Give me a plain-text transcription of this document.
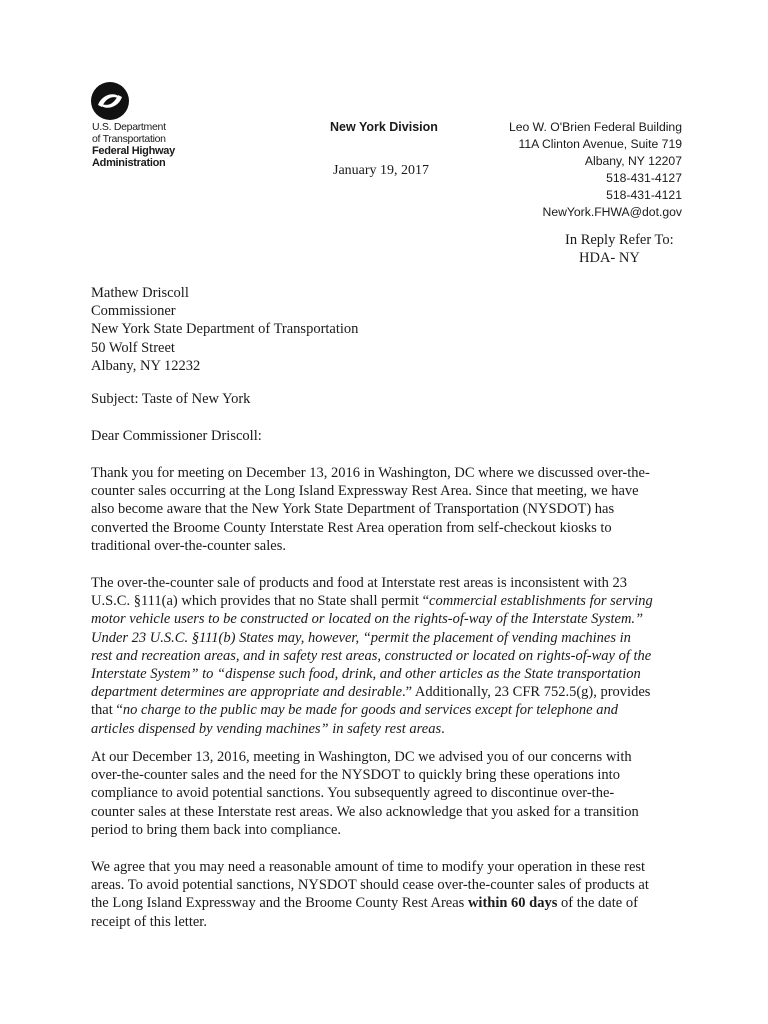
U.S. Department
of Transportation
Federal Highway
Administration
New York Division
January 19, 2017
Leo W. O'Brien Federal Building
11A Clinton Avenue, Suite 719
Albany, NY 12207
518-431-4127
518-431-4121
NewYork.FHWA@dot.gov
In Reply Refer To:
HDA- NY
Mathew Driscoll
Commissioner
New York State Department of Transportation
50 Wolf Street
Albany, NY 12232
Subject: Taste of New York
Dear Commissioner Driscoll:
Thank you for meeting on December 13, 2016 in Washington, DC where we discussed over-the-
counter sales occurring at the Long Island Expressway Rest Area. Since that meeting, we have
also become aware that the New York State Department of Transportation (NYSDOT) has
converted the Broome County Interstate Rest Area operation from self-checkout kiosks to
traditional over-the-counter sales.
The over-the-counter sale of products and food at Interstate rest areas is inconsistent with 23
U.S.C. §111(a) which provides that no State shall permit “commercial establishments for serving
motor vehicle users to be constructed or located on the rights-of-way of the Interstate System.”
Under 23 U.S.C. §111(b) States may, however, “permit the placement of vending machines in
rest and recreation areas, and in safety rest areas, constructed or located on rights-of-way of the
Interstate System” to “dispense such food, drink, and other articles as the State transportation
department determines are appropriate and desirable.” Additionally, 23 CFR 752.5(g), provides
that “no charge to the public may be made for goods and services except for telephone and
articles dispensed by vending machines” in safety rest areas.
At our December 13, 2016, meeting in Washington, DC we advised you of our concerns with
over-the-counter sales and the need for the NYSDOT to quickly bring these operations into
compliance to avoid potential sanctions. You subsequently agreed to discontinue over-the-
counter sales at these Interstate rest areas. We also acknowledge that you asked for a transition
period to bring them back into compliance.
We agree that you may need a reasonable amount of time to modify your operation in these rest
areas. To avoid potential sanctions, NYSDOT should cease over-the-counter sales of products at
the Long Island Expressway and the Broome County Rest Areas within 60 days of the date of
receipt of this letter.
